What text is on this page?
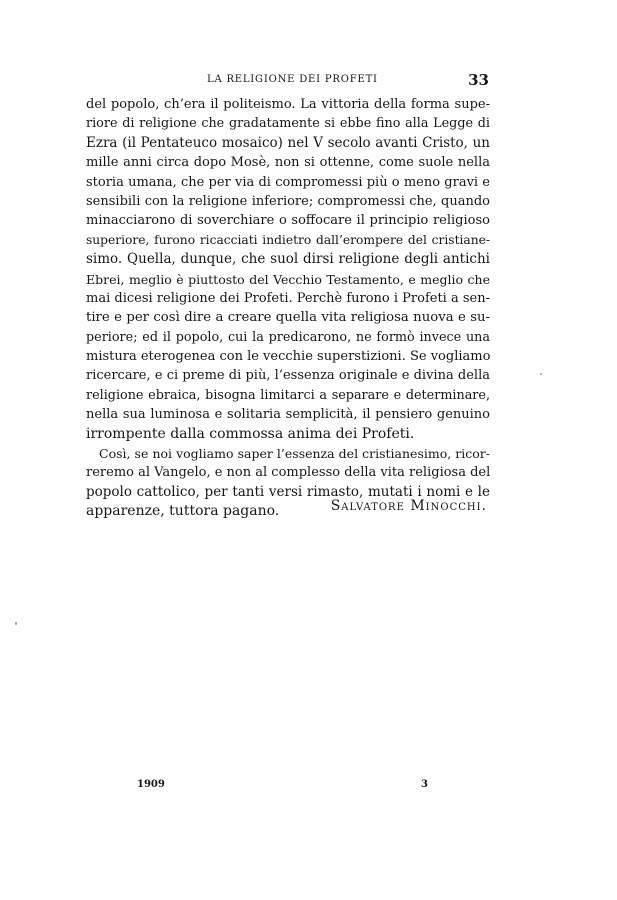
LA RELIGIONE DEI PROFETI	33
del popolo, ch’era il politeismo. La vittoria della forma supe-
riore di religione che gradatamente si ebbe fino alla Legge di
Ezra (il Pentateuco mosaico) nel V secolo avanti Cristo, un
mille anni circa dopo Mosè, non si ottenne, come suole nella
storia umana, che per via di compromessi più o meno gravi e
sensibili con la religione inferiore; compromessi che, quando
minacciarono di soverchiare o soffocare il principio religioso
superiore, furono ricacciati indietro dall’erompere del cristiane-
simo. Quella, dunque, che suol dirsi religione degli antichi
Ebrei, meglio è piuttosto del Vecchio Testamento, e meglio che
mai dicesi religione dei Profeti. Perchè furono i Profeti a sen-
tire e per così dire a creare quella vita religiosa nuova e su-
periore; ed il popolo, cui la predicarono, ne formò invece una
mistura eterogenea con le vecchie superstizioni. Se vogliamo
ricercare, e ci preme di più, l’essenza originale e divina della
religione ebraica, bisogna limitarci a separare e determinare,
nella sua luminosa e solitaria semplicità, il pensiero genuino
irrompente dalla commossa anima dei Profeti.
Così, se noi vogliamo saper l’essenza del cristianesimo, ricor-
reremo al Vangelo, e non al complesso della vita religiosa del
popolo cattolico, per tanti versi rimasto, mutati i nomi e le
apparenze, tuttora pagano.	Salvatore Minocchi.
1909	3
